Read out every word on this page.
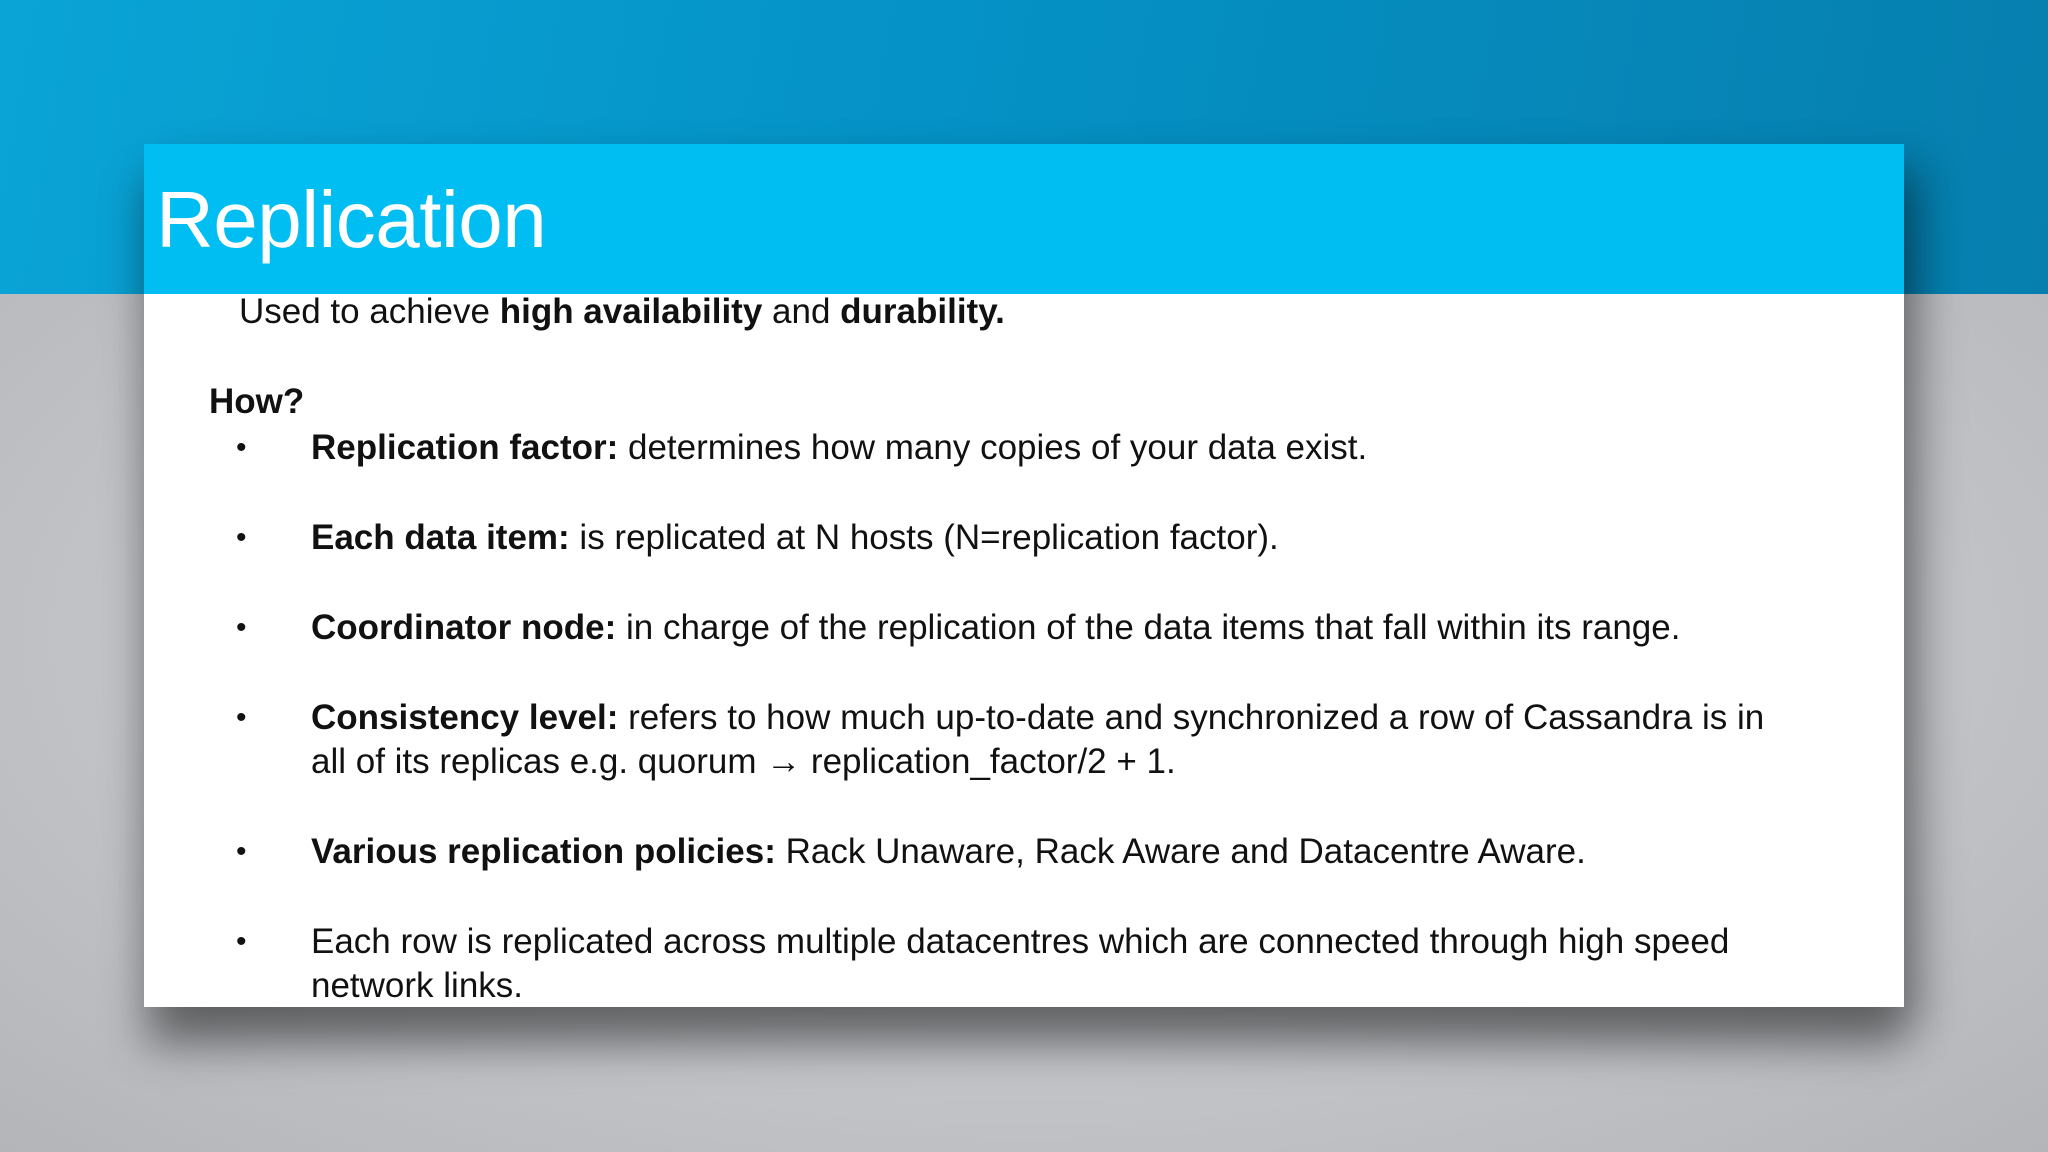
Replication
Used to achieve high availability and durability.
How?
• Replication factor: determines how many copies of your data exist.
• Each data item: is replicated at N hosts (N=replication factor).
• Coordinator node: in charge of the replication of the data items that fall within its range.
• Consistency level: refers to how much up-to-date and synchronized a row of Cassandra is in all of its replicas e.g. quorum → replication_factor/2 + 1.
• Various replication policies: Rack Unaware, Rack Aware and Datacentre Aware.
• Each row is replicated across multiple datacentres which are connected through high speed network links.
